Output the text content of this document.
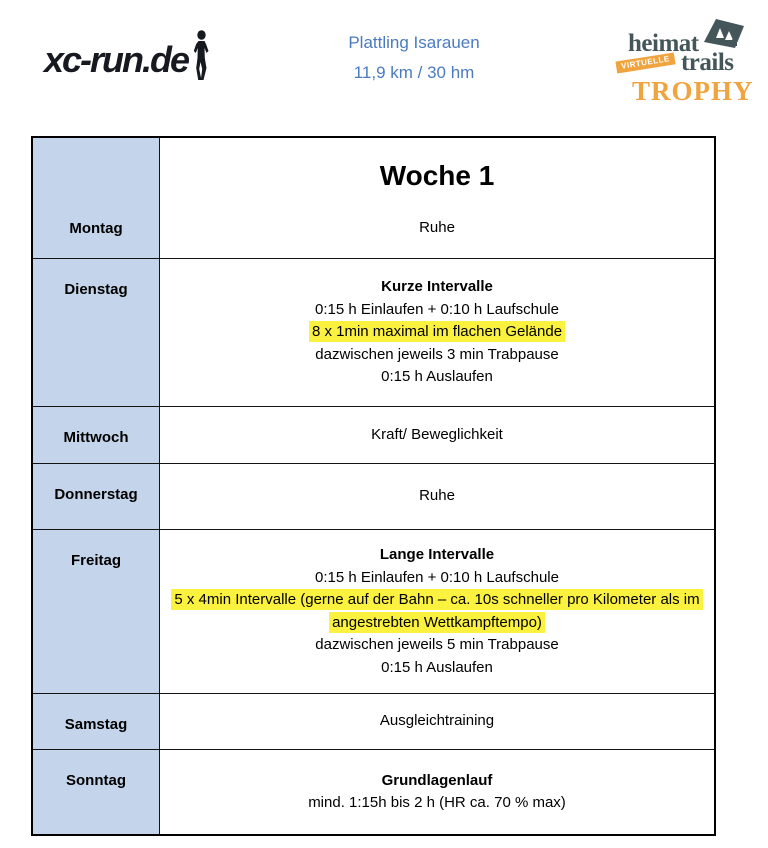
xc-run.de	Plattling Isarauen
11,9 km / 30 hm
heimat
VIRTUELLE trails
TROPHY
Woche 1
Montag	Ruhe
Dienstag	Kurze Intervalle
0:15 h Einlaufen + 0:10 h Laufschule
8 x 1min maximal im flachen Gelände
dazwischen jeweils 3 min Trabpause
0:15 h Auslaufen
Mittwoch	Kraft/ Beweglichkeit
Donnerstag	Ruhe
Freitag	Lange Intervalle
0:15 h Einlaufen + 0:10 h Laufschule
5 x 4min Intervalle (gerne auf der Bahn – ca. 10s schneller pro Kilometer als im
angestrebten Wettkampftempo)
dazwischen jeweils 5 min Trabpause
0:15 h Auslaufen
Samstag	Ausgleichtraining
Sonntag	Grundlagenlauf
mind. 1:15h bis 2 h (HR ca. 70 % max)
